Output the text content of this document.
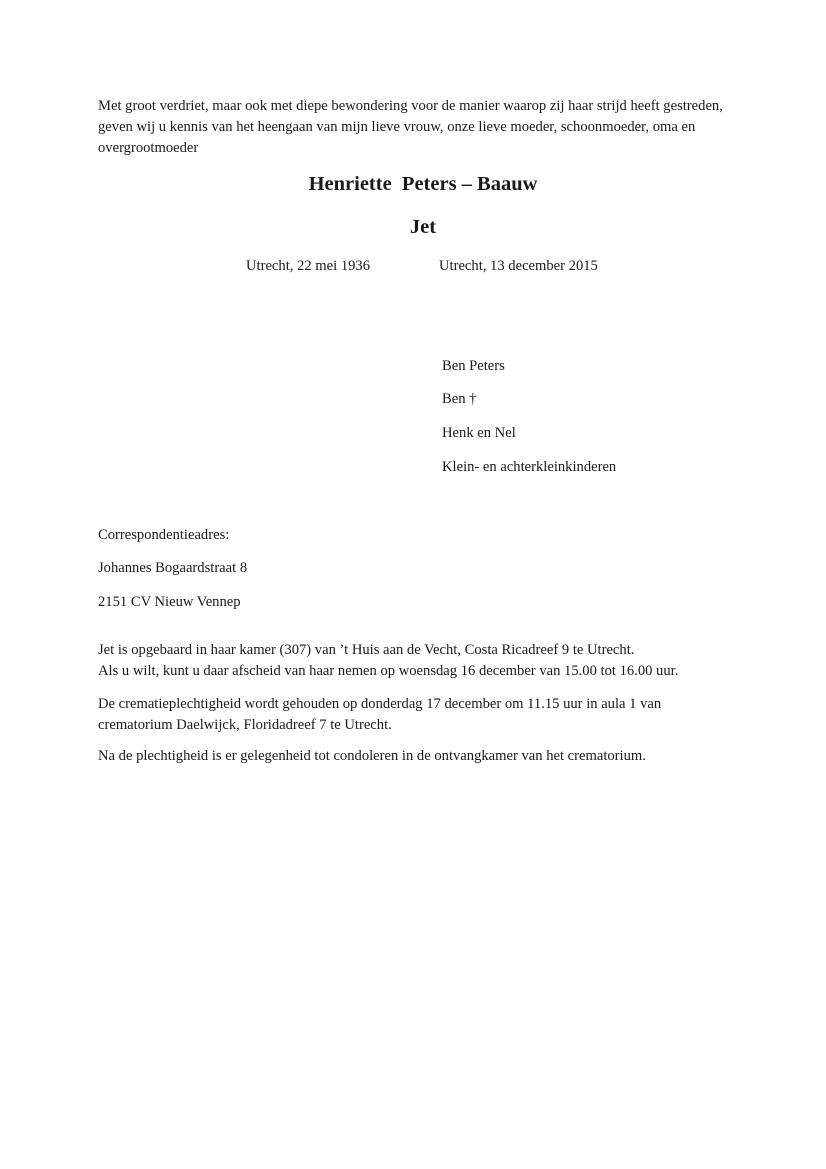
Met groot verdriet, maar ook met diepe bewondering voor de manier waarop zij haar strijd heeft gestreden,
geven wij u kennis van het heengaan van mijn lieve vrouw, onze lieve moeder, schoonmoeder, oma en
overgrootmoeder

Henriette  Peters – Baauw
Jet

Utrecht, 22 mei 1936	Utrecht, 13 december 2015

Ben Peters

Ben †

Henk en Nel

Klein- en achterkleinkinderen

Correspondentieadres:

Johannes Bogaardstraat 8

2151 CV Nieuw Vennep

Jet is opgebaard in haar kamer (307) van ’t Huis aan de Vecht, Costa Ricadreef 9 te Utrecht.
Als u wilt, kunt u daar afscheid van haar nemen op woensdag 16 december van 15.00 tot 16.00 uur.

De crematieplechtigheid wordt gehouden op donderdag 17 december om 11.15 uur in aula 1 van
crematorium Daelwijck, Floridadreef 7 te Utrecht.

Na de plechtigheid is er gelegenheid tot condoleren in de ontvangkamer van het crematorium.
